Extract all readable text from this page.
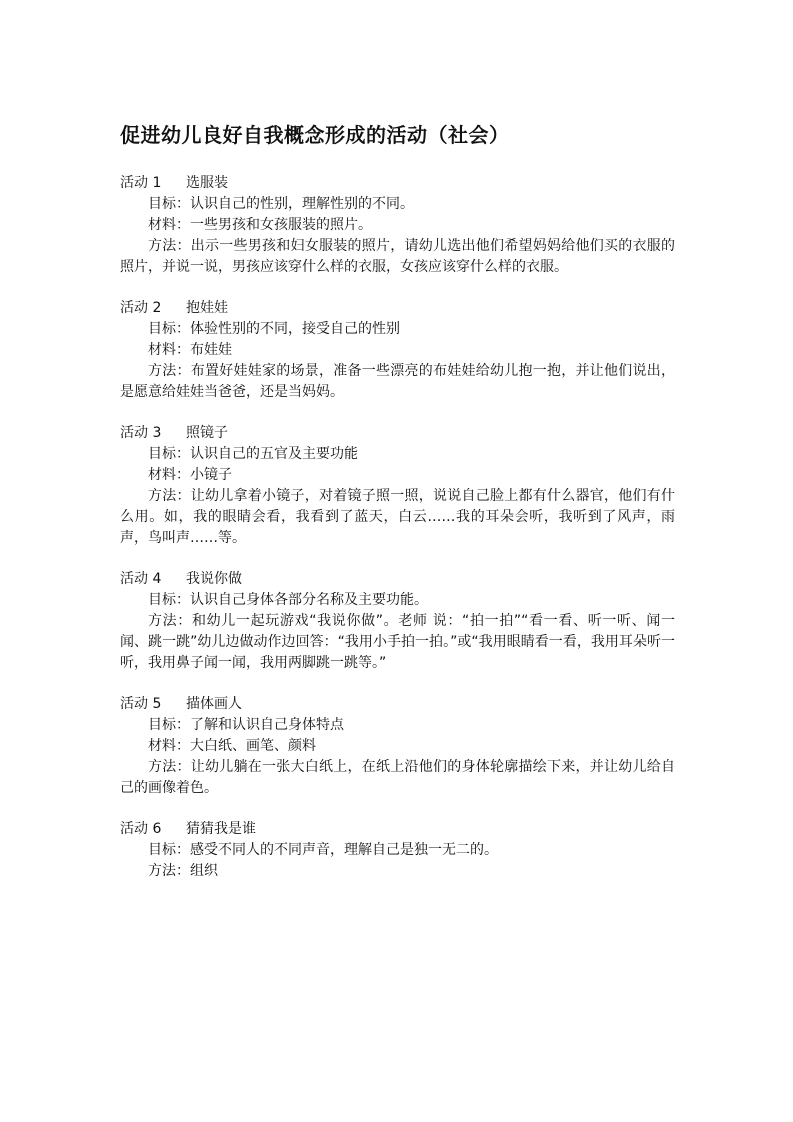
促进幼儿良好自我概念形成的活动（社会）
活动 1	选服装

目标：认识自己的性别，理解性别的不同。

材料：一些男孩和女孩服装的照片。

方法：出示一些男孩和妇女服装的照片，请幼儿选出他们希望妈妈给他们买的衣服的照片，并说一说，男孩应该穿什么样的衣服，女孩应该穿什么样的衣服。

活动 2	抱娃娃

目标：体验性别的不同，接受自己的性别

材料：布娃娃

方法：布置好娃娃家的场景，准备一些漂亮的布娃娃给幼儿抱一抱，并让他们说出，是愿意给娃娃当爸爸，还是当妈妈。

活动 3	照镜子

目标：认识自己的五官及主要功能

材料：小镜子

方法：让幼儿拿着小镜子，对着镜子照一照，说说自己脸上都有什么器官，他们有什么用。如，我的眼睛会看，我看到了蓝天，白云……我的耳朵会听，我听到了风声，雨声，鸟叫声……等。

活动 4	我说你做

目标：认识自己身体各部分名称及主要功能。

方法：和幼儿一起玩游戏“我说你做”。老师 说：“拍一拍”“看一看、听一听、闻一闻、跳一跳”幼儿边做动作边回答：“我用小手拍一拍。”或“我用眼睛看一看，我用耳朵听一听，我用鼻子闻一闻，我用两脚跳一跳等。”

活动 5	描体画人

目标：了解和认识自己身体特点

材料：大白纸、画笔、颜料

方法：让幼儿躺在一张大白纸上，在纸上沿他们的身体轮廓描绘下来，并让幼儿给自己的画像着色。

活动 6	猜猜我是谁

目标：感受不同人的不同声音，理解自己是独一无二的。

方法：组织
